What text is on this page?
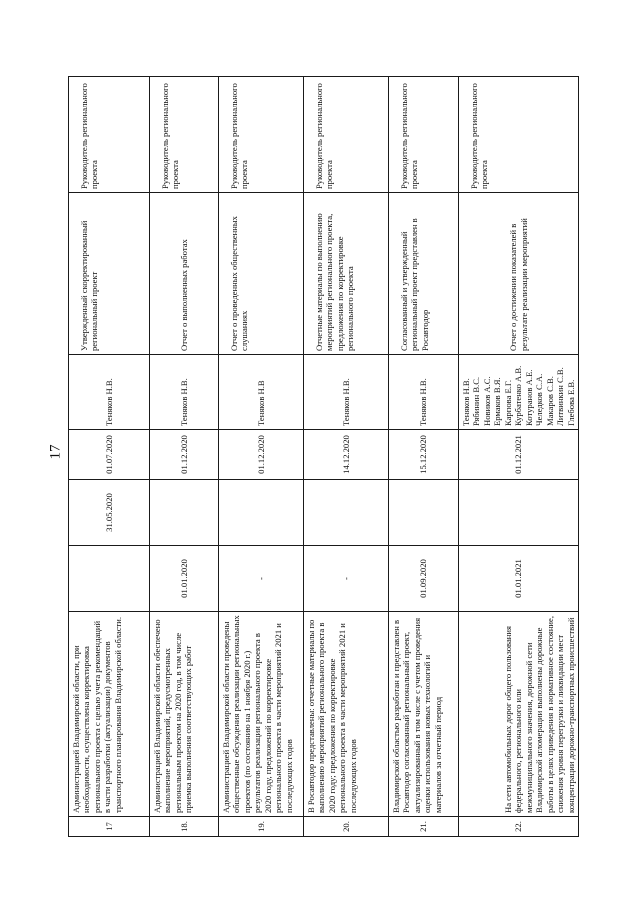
17
17	Администрацией Владимирской области, при необходимости, осуществлена корректировка регионального проекта с целью учета рекомендаций в части разработки (актуализации) документов транспортного планирования Владимирской области.		31.05.2020	01.07.2020	Теняков Н.В.	Утвержденный скорректированный региональный проект	Руководитель регионального проекта
18.	Администрацией Владимирской области обеспечено выполнение мероприятий, предусмотренных региональным проектом на 2020 год, в том числе приемка выполнения соответствующих работ	01.01.2020		01.12.2020	Теняков Н.В.	Отчет о выполненных работах	Руководитель регионального проекта
19.	Администрацией Владимирской области проведены общественные обсуждения реализации региональных проектов (по состоянию на 1 ноября 2020 г.) результатов реализации регионального проекта в 2020 году, предложений по корректировке регионального проекта в части мероприятий 2021 и последующих годов	-		01.12.2020	Теняков Н.В	Отчет о проведенных общественных слушаниях	Руководитель регионального проекта
20.	В Росавтодор представлены: отчетные материалы по выполнению мероприятий регионального проекта в 2020 году; предложения по корректировке регионального проекта в части мероприятий 2021 и последующих годов	-		14.12.2020	Теняков Н.В.	Отчетные материалы по выполнению мероприятий регионального проекта, предложения по корректировке регионального проекта	Руководитель регионального проекта
21.	Владимирской областью разработан и представлен в Росавтодор согласованный региональный проект, актуализированный в том числе с учетом проведения оценки использования новых технологий и материалов за отчетный период	01.09.2020		15.12.2020	Теняков Н.В.	Согласованный и утвержденный региональный проект представлен в Росавтодор	Руководитель регионального проекта
22.	На сети автомобильных дорог общего пользования федерального, регионального или межмуниципального значения, дорожной сети Владимирской агломерации выполнены дорожные работы в целях приведения в нормативное состояние, снижения уровня перегрузки и ликвидации мест концентрации дорожно-транспортных происшествий	01.01.2021		01.12.2021	Теняков Н.В. Рябинин В.С. Новиков А.С. Ермаков В.Я. Карпова Е.Г. Курбатенко А.В. Котуранов А.Е. Челедков С.А. Макаров С.В. Литвинкин С.В. Глебова Е.В.	Отчет о достижении показателей в результате реализации мероприятий	Руководитель регионального проекта
